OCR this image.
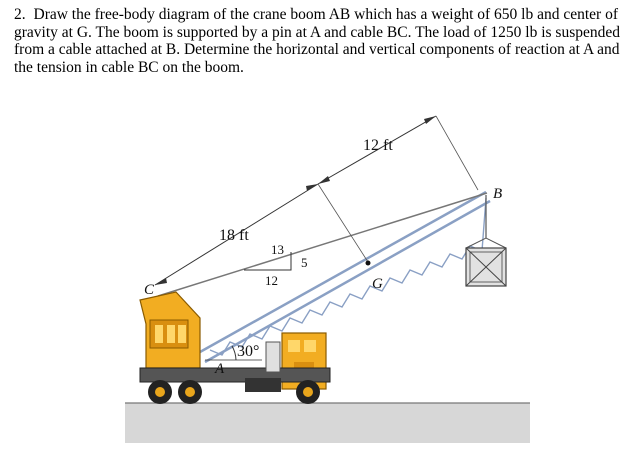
2. Draw the free-body diagram of the crane boom AB which has a weight of 650 lb and center of gravity at G. The boom is supported by a pin at A and cable BC. The load of 1250 lb is suspended from a cable attached at B. Determine the horizontal and vertical components of reaction at A and the tension in cable BC on the boom.
12 ft
18 ft
13
12
5
30°
C
B
G
A
